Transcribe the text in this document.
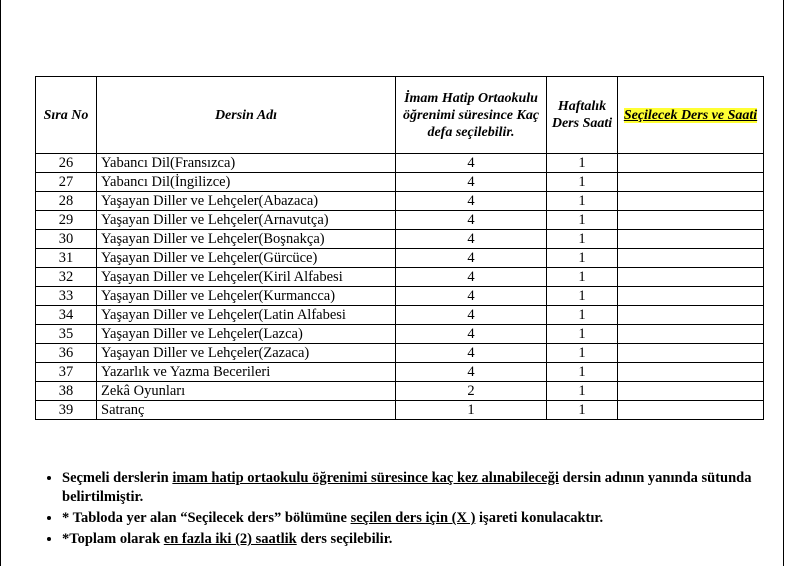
Sıra No	Dersin Adı	İmam Hatip Ortaokulu öğrenimi süresince Kaç defa seçilebilir.	Haftalık Ders Saati	Seçilecek Ders ve Saati
26	Yabancı Dil(Fransızca)	4	1	
27	Yabancı Dil(İngilizce)	4	1	
28	Yaşayan Diller ve Lehçeler(Abazaca)	4	1	
29	Yaşayan Diller ve Lehçeler(Arnavutça)	4	1	
30	Yaşayan Diller ve Lehçeler(Boşnakça)	4	1	
31	Yaşayan Diller ve Lehçeler(Gürcüce)	4	1	
32	Yaşayan Diller ve Lehçeler(Kiril Alfabesi	4	1	
33	Yaşayan Diller ve Lehçeler(Kurmancca)	4	1	
34	Yaşayan Diller ve Lehçeler(Latin Alfabesi	4	1	
35	Yaşayan Diller ve Lehçeler(Lazca)	4	1	
36	Yaşayan Diller ve Lehçeler(Zazaca)	4	1	
37	Yazarlık ve Yazma Becerileri	4	1	
38	Zekâ Oyunları	2	1	
39	Satranç	1	1	
• Seçmeli derslerin imam hatip ortaokulu öğrenimi süresince kaç kez alınabileceği dersin adının yanında sütunda belirtilmiştir.
• * Tabloda yer alan “Seçilecek ders” bölümüne seçilen ders için (X ) işareti konulacaktır.
• *Toplam olarak en fazla iki (2) saatlik ders seçilebilir.
